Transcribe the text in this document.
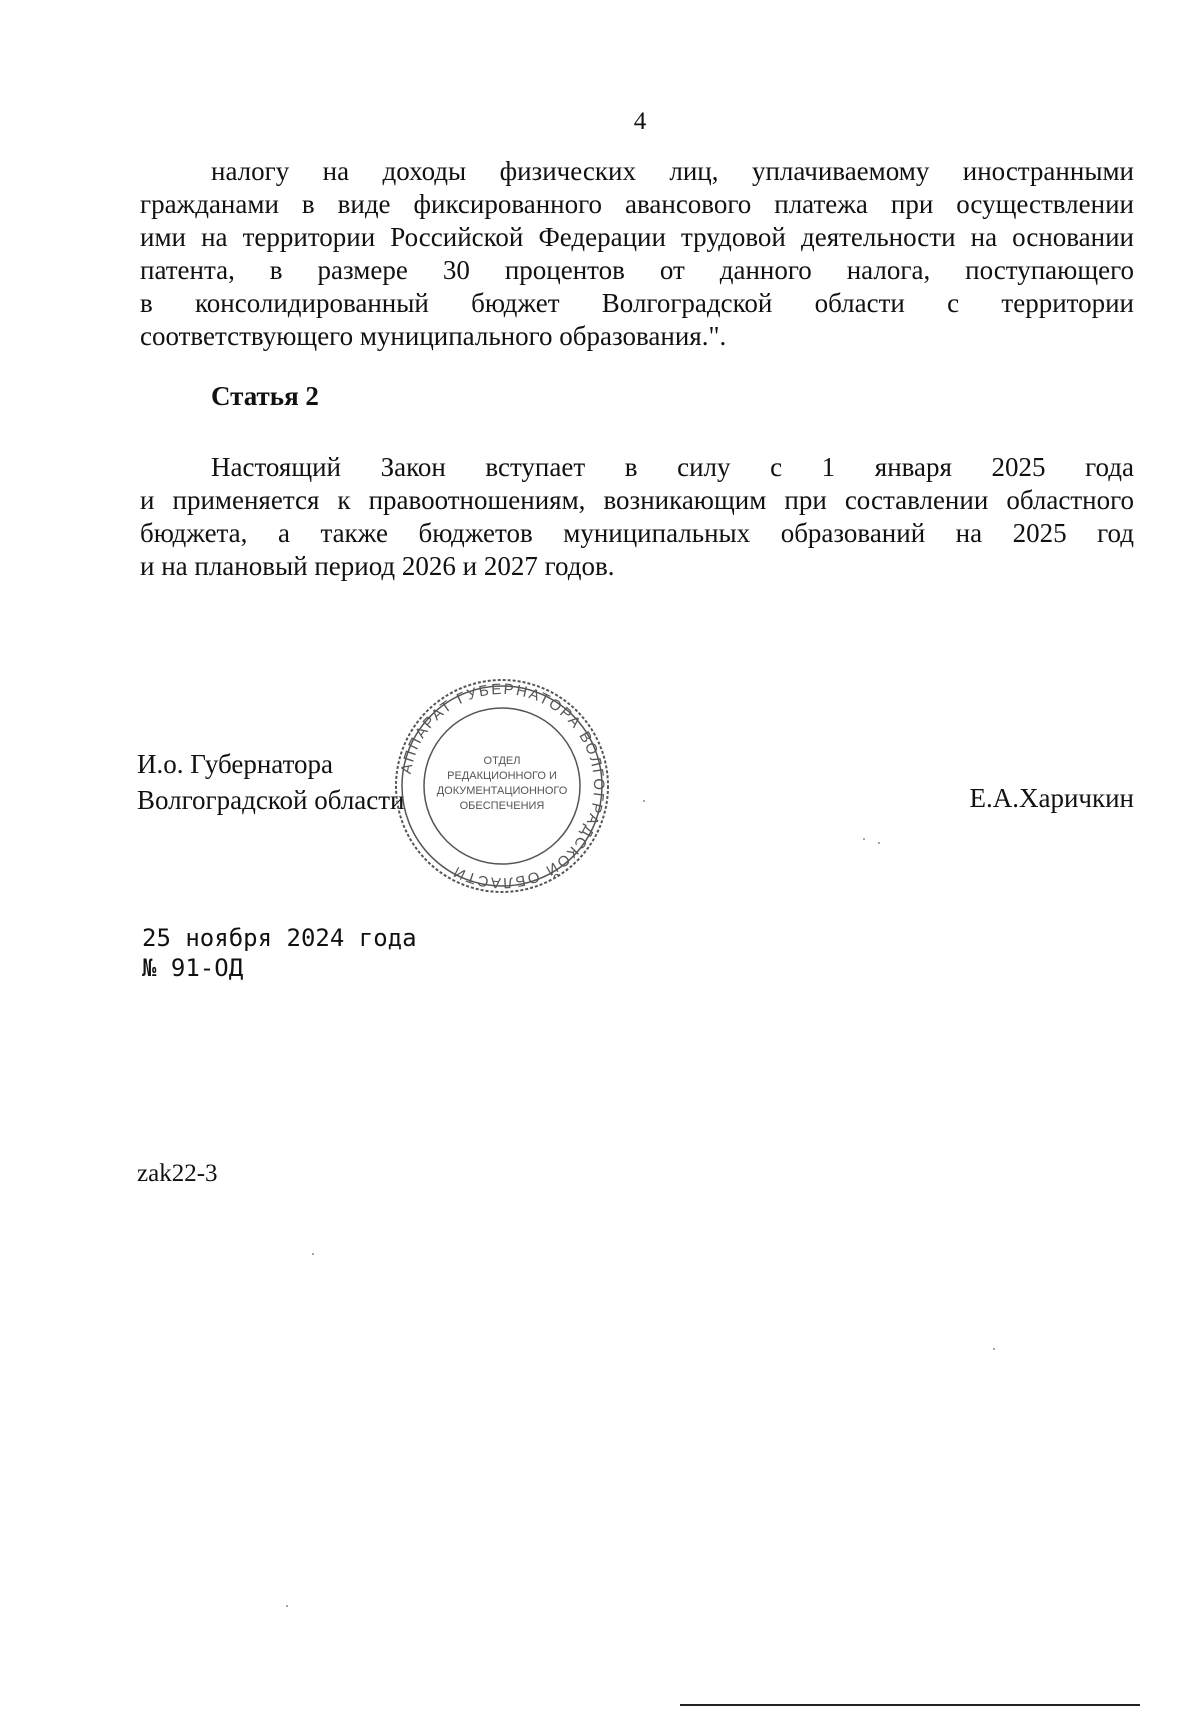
4
налогу на доходы физических лиц, уплачиваемому иностранными
гражданами в виде фиксированного авансового платежа при осуществлении
ими на территории Российской Федерации трудовой деятельности на основании
патента, в размере 30 процентов от данного налога, поступающего
в консолидированный бюджет Волгоградской области с территории
соответствующего муниципального образования.".
Статья 2
Настоящий Закон вступает в силу с 1 января 2025 года
и применяется к правоотношениям, возникающим при составлении областного
бюджета, а также бюджетов муниципальных образований на 2025 год
и на плановый период 2026 и 2027 годов.
И.о. Губернатора
Волгоградской области
АППАРАТ ГУБЕРНАТОРА ВОЛГОГРАДСКОЙ ОБЛАСТИ
ОТДЕЛ
РЕДАКЦИОННОГО И
ДОКУМЕНТАЦИОННОГО
ОБЕСПЕЧЕНИЯ	Е.А.Харичкин
25 ноября 2024 года
№ 91-ОД
zak22-3
